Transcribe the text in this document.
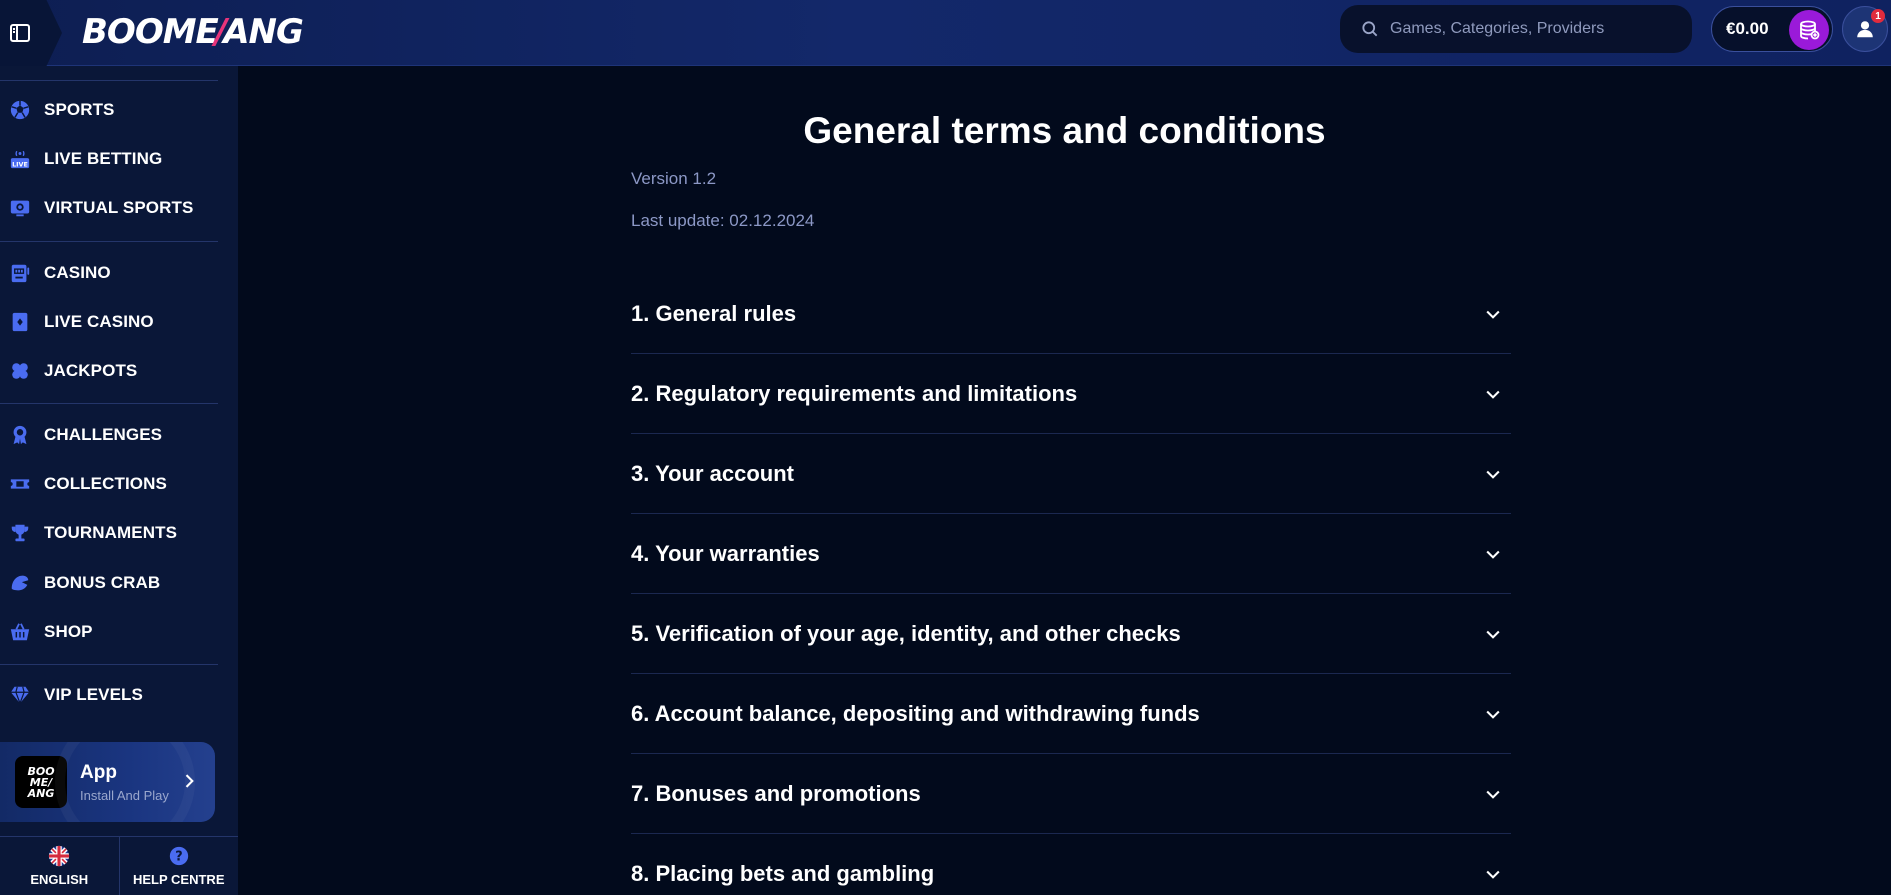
BOOME
/
ANG
Games, Categories, Providers	€0.00
1
SPORTS
LIVE LIVE BETTING
VIRTUAL SPORTS
CASINO
LIVE CASINO
JACKPOTS
CHALLENGES
COLLECTIONS
TOURNAMENTS
BONUS CRAB
SHOP
VIP LEVELS
BOO
ME/
ANG
App
Install And Play
ENGLISH
?
HELP CENTRE
General terms and conditions
Version 1.2
Last update: 02.12.2024
1. General rules
2. Regulatory requirements and limitations
3. Your account
4. Your warranties
5. Verification of your age, identity, and other checks
6. Account balance, depositing and withdrawing funds
7. Bonuses and promotions
8. Placing bets and gambling
